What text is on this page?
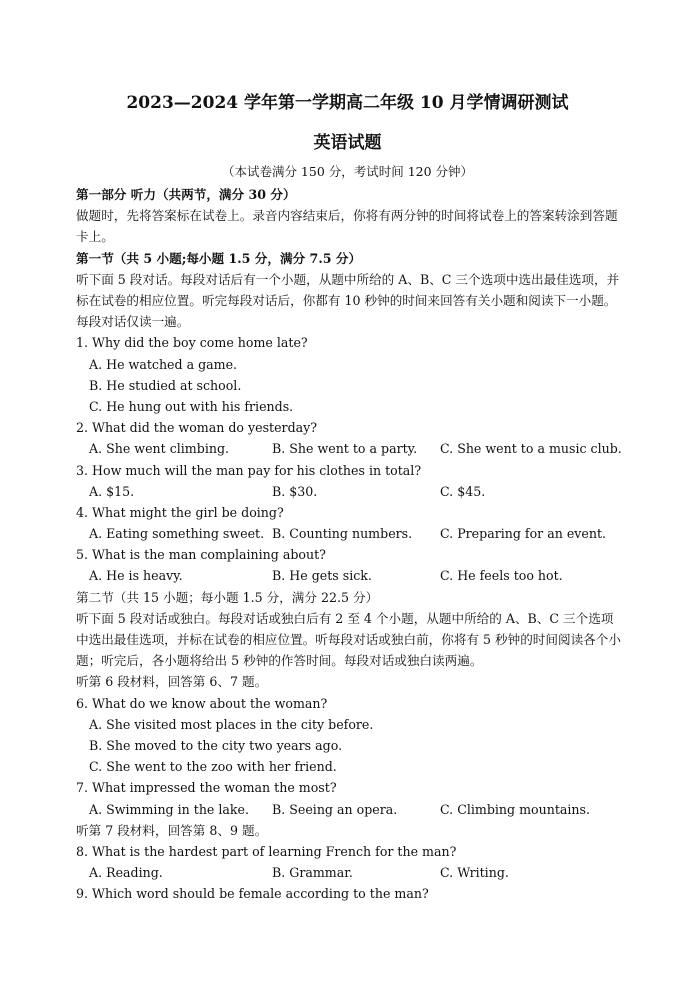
2023—2024 学年第一学期高二年级 10 月学情调研测试
英语试题
（本试卷满分 150 分，考试时间 120 分钟）
第一部分 听力（共两节，满分 30 分）
做题时，先将答案标在试卷上。录音内容结束后，你将有两分钟的时间将试卷上的答案转涂到答题卡上。
第一节（共 5 小题;每小题 1.5 分，满分 7.5 分）
听下面 5 段对话。每段对话后有一个小题，从题中所给的 A、B、C 三个选项中选出最佳选项，并标在试卷的相应位置。听完每段对话后，你都有 10 秒钟的时间来回答有关小题和阅读下一小题。每段对话仅读一遍。
1. Why did the boy come home late?
A. He watched a game.
B. He studied at school.
C. He hung out with his friends.
2. What did the woman do yesterday?
A. She went climbing.	B. She went to a party.	C. She went to a music club.
3. How much will the man pay for his clothes in total?
A. $15.	B. $30.	C. $45.
4. What might the girl be doing?
A. Eating something sweet. B. Counting numbers.	C. Preparing for an event.
5. What is the man complaining about?
A. He is heavy.	B. He gets sick.	C. He feels too hot.
第二节（共 15 小题；每小题 1.5 分，满分 22.5 分）
听下面 5 段对话或独白。每段对话或独白后有 2 至 4 个小题，从题中所给的 A、B、C 三个选项中选出最佳选项，并标在试卷的相应位置。听每段对话或独白前，你将有 5 秒钟的时间阅读各个小题；听完后，各小题将给出 5 秒钟的作答时间。每段对话或独白读两遍。
听第 6 段材料，回答第 6、7 题。
6. What do we know about the woman?
A. She visited most places in the city before.
B. She moved to the city two years ago.
C. She went to the zoo with her friend.
7. What impressed the woman the most?
A. Swimming in the lake.	B. Seeing an opera.	C. Climbing mountains.
听第 7 段材料，回答第 8、9 题。
8. What is the hardest part of learning French for the man?
A. Reading.	B. Grammar.	C. Writing.
9. Which word should be female according to the man?
